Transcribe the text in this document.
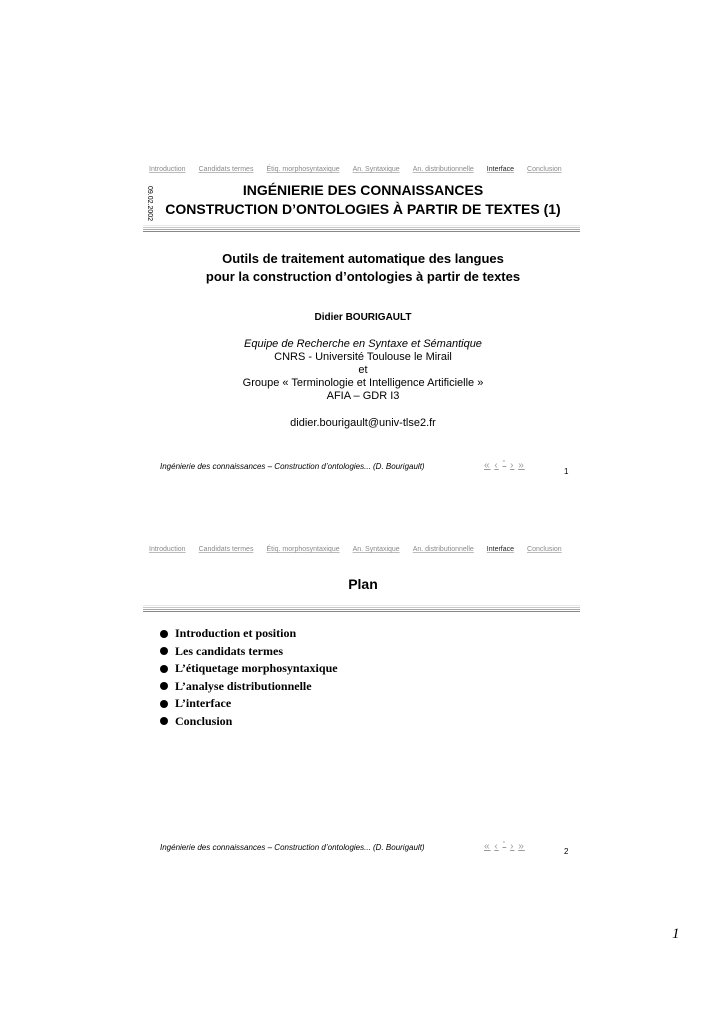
Introduction Candidats termes Étiq. morphosyntaxique An. Syntaxique An. distributionnelle Interface Conclusion
09.02.2002	INGÉNIERIE DES CONNAISSANCES
CONSTRUCTION D’ONTOLOGIES À PARTIR DE TEXTES (1)
Outils de traitement automatique des langues
pour la construction d’ontologies à partir de textes
Didier BOURIGAULT
Equipe de Recherche en Syntaxe et Sémantique
CNRS - Université Toulouse le Mirail
et
Groupe « Terminologie et Intelligence Artificielle »
AFIA – GDR I3
didier.bourigault@univ-tlse2.fr
Ingénierie des connaissances – Construction d’ontologies... (D. Bourigault)	« ‹ ° › »
1
Introduction Candidats termes Étiq. morphosyntaxique An. Syntaxique An. distributionnelle Interface Conclusion
Plan
Introduction et position
Les candidats termes
L’étiquetage morphosyntaxique
L’analyse distributionnelle
L’interface
Conclusion
Ingénierie des connaissances – Construction d’ontologies... (D. Bourigault)	« ‹ ° › »	2
1
